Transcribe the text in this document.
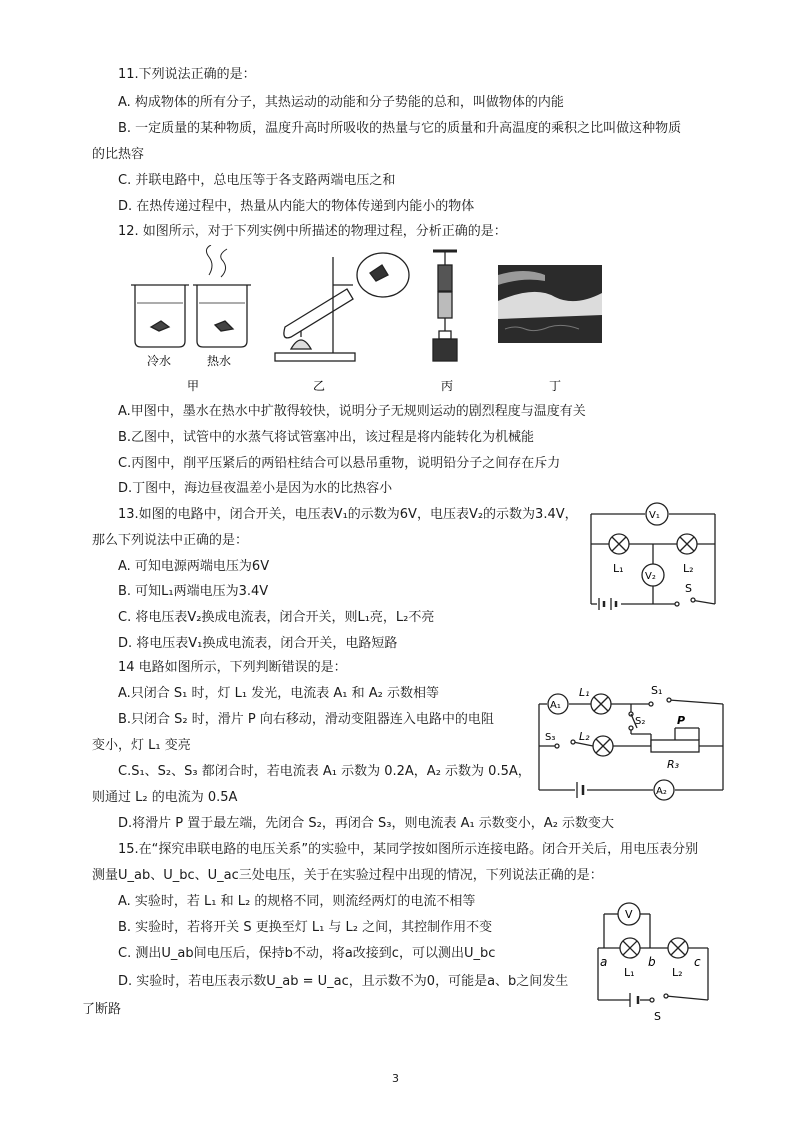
11.下列说法正确的是：
A. 构成物体的所有分子，其热运动的动能和分子势能的总和，叫做物体的内能
B. 一定质量的某种物质，温度升高时所吸收的热量与它的质量和升高温度的乘积之比叫做这种物质
的比热容
C. 并联电路中，总电压等于各支路两端电压之和
D. 在热传递过程中，热量从内能大的物体传递到内能小的物体
12. 如图所示，对于下列实例中所描述的物理过程，分析正确的是：
冷水	热水
甲	乙	丙	丁
A.甲图中，墨水在热水中扩散得较快，说明分子无规则运动的剧烈程度与温度有关
B.乙图中，试管中的水蒸气将试管塞冲出，该过程是将内能转化为机械能
C.丙图中，削平压紧后的两铅柱结合可以悬吊重物，说明铅分子之间存在斥力
D.丁图中，海边昼夜温差小是因为水的比热容小
13.如图的电路中，闭合开关，电压表V₁的示数为6V，电压表V₂的示数为3.4V，
那么下列说法中正确的是：
A. 可知电源两端电压为6V
B. 可知L₁两端电压为3.4V
C. 将电压表V₂换成电流表，闭合开关，则L₁亮，L₂不亮
D. 将电压表V₁换成电流表，闭合开关，电路短路
V₁
V₂
L₁	L₂
S
14 电路如图所示，下列判断错误的是：
A.只闭合 S₁ 时，灯 L₁ 发光，电流表 A₁ 和 A₂ 示数相等
B.只闭合 S₂ 时，滑片 P 向右移动，滑动变阻器连入电路中的电阻
变小，灯 L₁ 变亮
C.S₁、S₂、S₃ 都闭合时，若电流表 A₁ 示数为 0.2A，A₂ 示数为 0.5A，
则通过 L₂ 的电流为 0.5A
D.将滑片 P 置于最左端，先闭合 S₂，再闭合 S₃，则电流表 A₁ 示数变小，A₂ 示数变大
A₁
L₁	S₁
S₂
S₃ L₂
P
R₃
A₂
15.在“探究串联电路的电压关系”的实验中，某同学按如图所示连接电路。闭合开关后，用电压表分别
测量U_ab、U_bc、U_ac三处电压，关于在实验过程中出现的情况，下列说法正确的是：
A. 实验时，若 L₁ 和 L₂ 的规格不同，则流经两灯的电流不相等
B. 实验时，若将开关 S 更换至灯 L₁ 与 L₂ 之间，其控制作用不变
C. 测出U_ab间电压后，保持b不动，将a改接到c，可以测出U_bc
D. 实验时，若电压表示数U_ab = U_ac，且示数不为0，可能是a、b之间发生
了断路
V
a	b	c
L₁	L₂
S
3
